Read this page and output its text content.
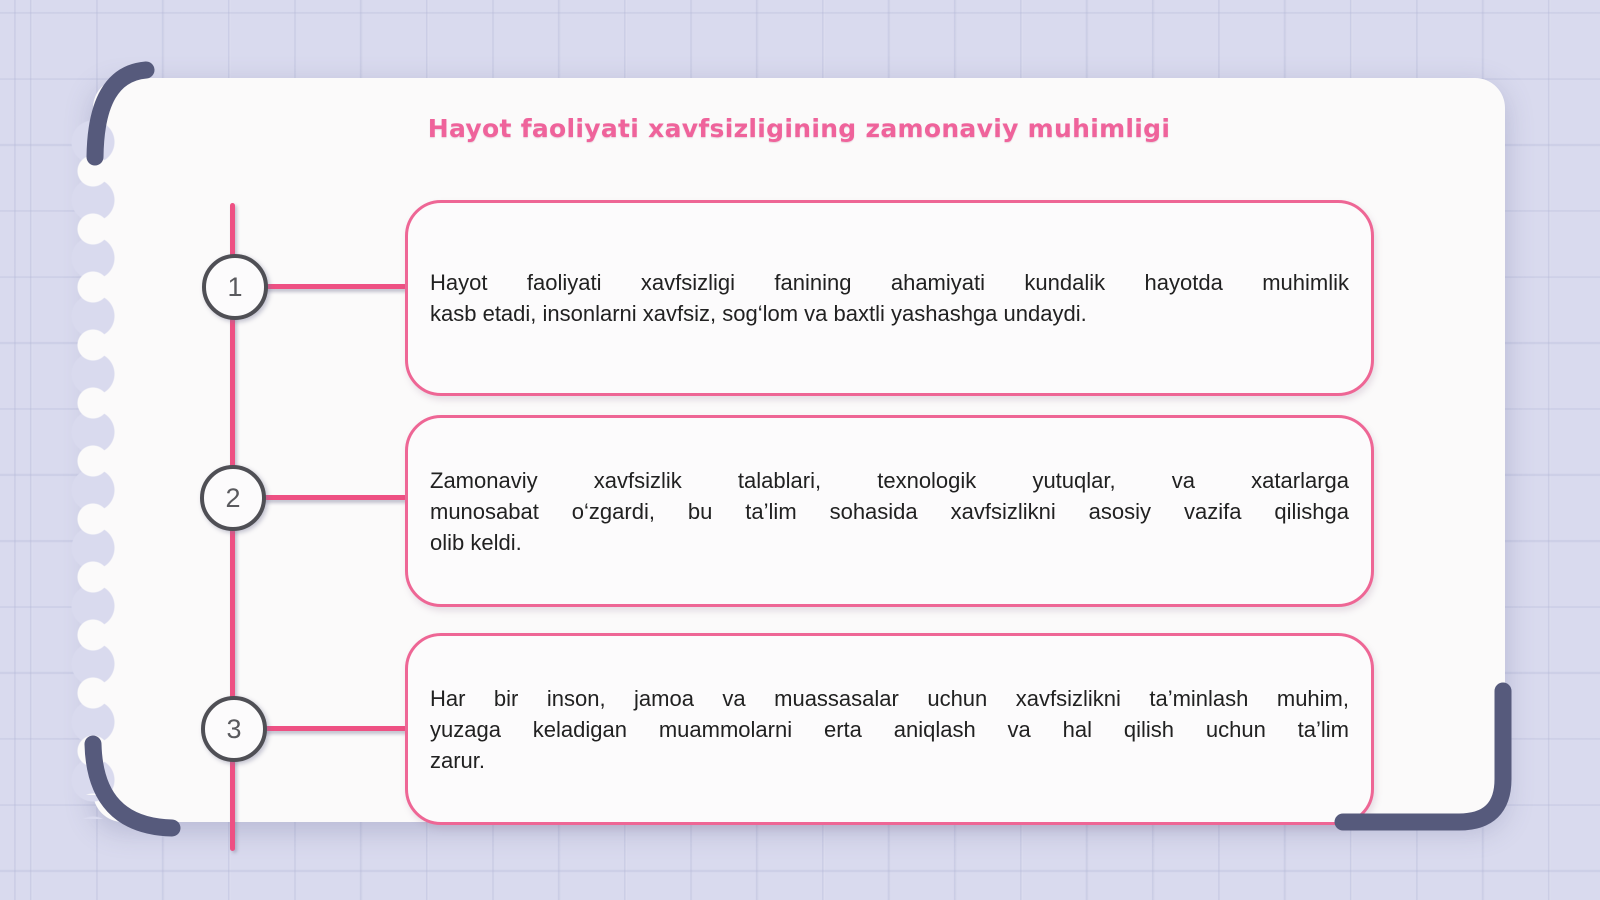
Hayot faoliyati xavfsizligining zamonaviy muhimligi
1
2
3
Hayot faoliyati xavfsizligi fanining ahamiyati kundalik hayotda muhimlik
kasb etadi, insonlarni xavfsiz, sog‘lom va baxtli yashashga undaydi.
Zamonaviy xavfsizlik talablari, texnologik yutuqlar, va xatarlarga
munosabat o‘zgardi, bu ta’lim sohasida xavfsizlikni asosiy vazifa qilishga
olib keldi.
Har bir inson, jamoa va muassasalar uchun xavfsizlikni ta’minlash muhim,
yuzaga keladigan muammolarni erta aniqlash va hal qilish uchun ta’lim
zarur.
